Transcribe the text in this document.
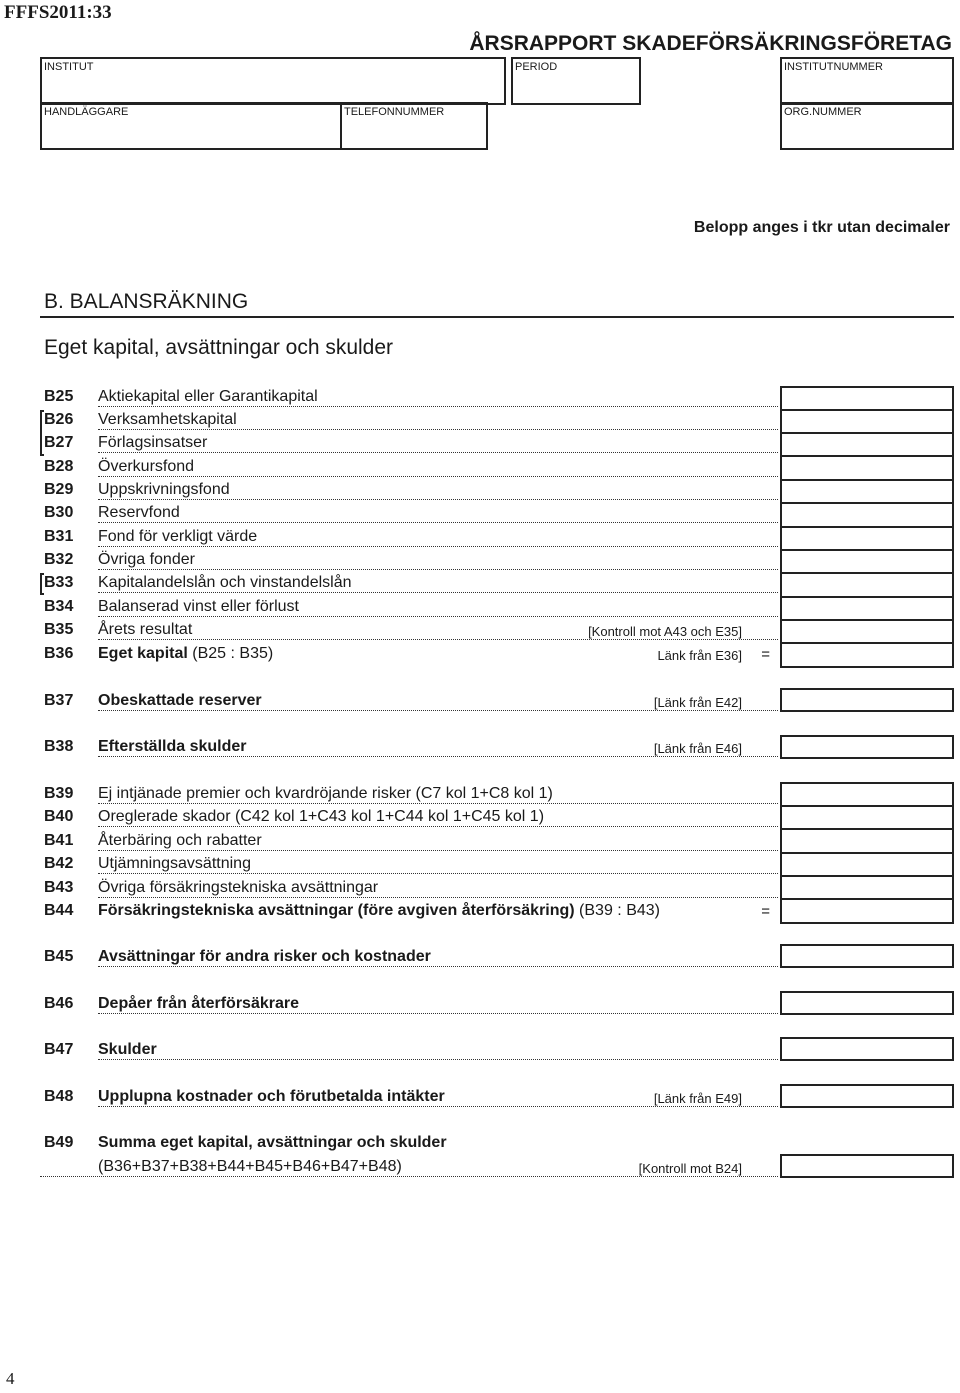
FFFS2011:33
ÅRSRAPPORT SKADEFÖRSÄKRINGSFÖRETAG
INSTITUT	PERIOD	INSTITUTNUMMER
HANDLÄGGARE	TELEFONNUMMER	ORG.NUMMER
Belopp anges i tkr utan decimaler
B. BALANSRÄKNING
Eget kapital, avsättningar och skulder
B25 Aktiekapital eller Garantikapital
B26 Verksamhetskapital
B27 Förlagsinsatser
B28 Överkursfond
B29 Uppskrivningsfond
B30 Reservfond
B31 Fond för verkligt värde
B32 Övriga fonder
B33 Kapitalandelslån och vinstandelslån
B34 Balanserad vinst eller förlust
B35 Årets resultat	[Kontroll mot A43 och E35]
B36 Eget kapital (B25 : B35)	Länk från E36] =
B37 Obeskattade reserver	[Länk från E42]
B38 Efterställda skulder	[Länk från E46]
B39 Ej intjänade premier och kvardröjande risker (C7 kol 1+C8 kol 1)
B40 Oreglerade skador (C42 kol 1+C43 kol 1+C44 kol 1+C45 kol 1)
B41 Återbäring och rabatter
B42 Utjämningsavsättning
B43 Övriga försäkringstekniska avsättningar
B44 Försäkringstekniska avsättningar (före avgiven återförsäkring) (B39 : B43)	=
B45 Avsättningar för andra risker och kostnader
B46 Depåer från återförsäkrare
B47 Skulder
B48 Upplupna kostnader och förutbetalda intäkter	[Länk från E49]
B49 Summa eget kapital, avsättningar och skulder
(B36+B37+B38+B44+B45+B46+B47+B48)	[Kontroll mot B24]
4
